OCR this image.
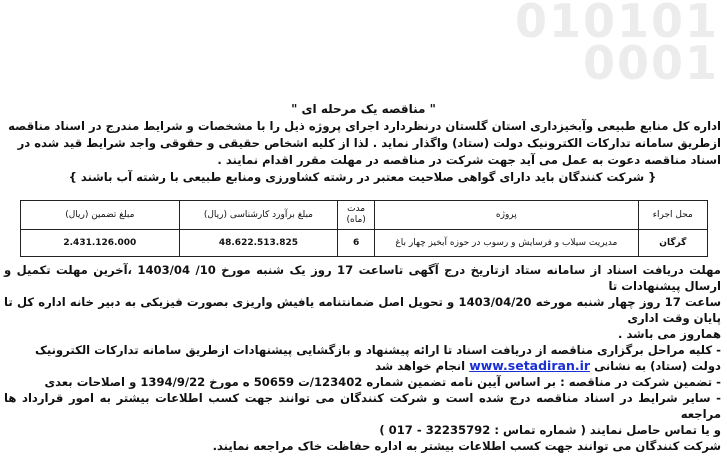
010101
0001
" مناقصه یک مرحله ای "

اداره کل منابع طبیعی وآبخیزداری استان گلستان درنظردارد اجرای پروژه ذیل را با مشخصات و شرایط مندرج در اسناد مناقصه

ازطریق سامانه تدارکات الکترونیک دولت (ستاد) واگذار نماید . لذا از کلیه اشخاص حقیقی و حقوقی واجد شرایط قید شده در

اسناد مناقصه دعوت به عمل می آید جهت شرکت در مناقصه در مهلت مقرر اقدام نمایند .

{ شرکت کنندگان باید دارای گواهی صلاحیت معتبر در رشته کشاورزی ومنابع طبیعی با رشته آب باشند }

محل اجراء	پروژه	مدت (ماه)	مبلغ برآورد کارشناسی (ریال)	مبلغ تضمین (ریال)
گرگان	مدیریت سیلاب و فرسایش و رسوب در حوزه آبخیز چهار باغ	6	48.622.513.825	2.431.126.000

مهلت دریافت اسناد از سامانه ستاد ازتاریخ درج آگهی تاساعت 17 روز یک شنبه مورخ 10/ 1403/04 ،آخرین مهلت تکمیل و ارسال پیشنهادات تا

ساعت 17 روز چهار شنبه مورخه 1403/04/20 و تحویل اصل ضمانتنامه یافیش واریزی بصورت فیزیکی به دبیر خانه اداره کل تا پایان وقت اداری

هماروز می باشد .

- کلیه مراحل برگزاری مناقصه از دریافت اسناد تا ارائه پیشنهاد و بازگشایی پیشنهادات ازطریق سامانه تدارکات الکترونیک

دولت (ستاد) به نشانی www.setadiran.ir انجام خواهد شد

- تضمین شرکت در مناقصه : بر اساس آیین نامه تضمین شماره 123402/ت 50659 ه مورخ 1394/9/22 و اصلاحات بعدی

- سایر شرایط در اسناد مناقصه درج شده است و شرکت کنندگان می توانند جهت کسب اطلاعات بیشتر به امور قرارداد ها مراجعه

و یا تماس حاصل نمایند ( شماره تماس : 32235792 - 017 )

شرکت کنندگان می توانند جهت کسب اطلاعات بیشتر به اداره حفاظت خاک مراجعه نمایند.
